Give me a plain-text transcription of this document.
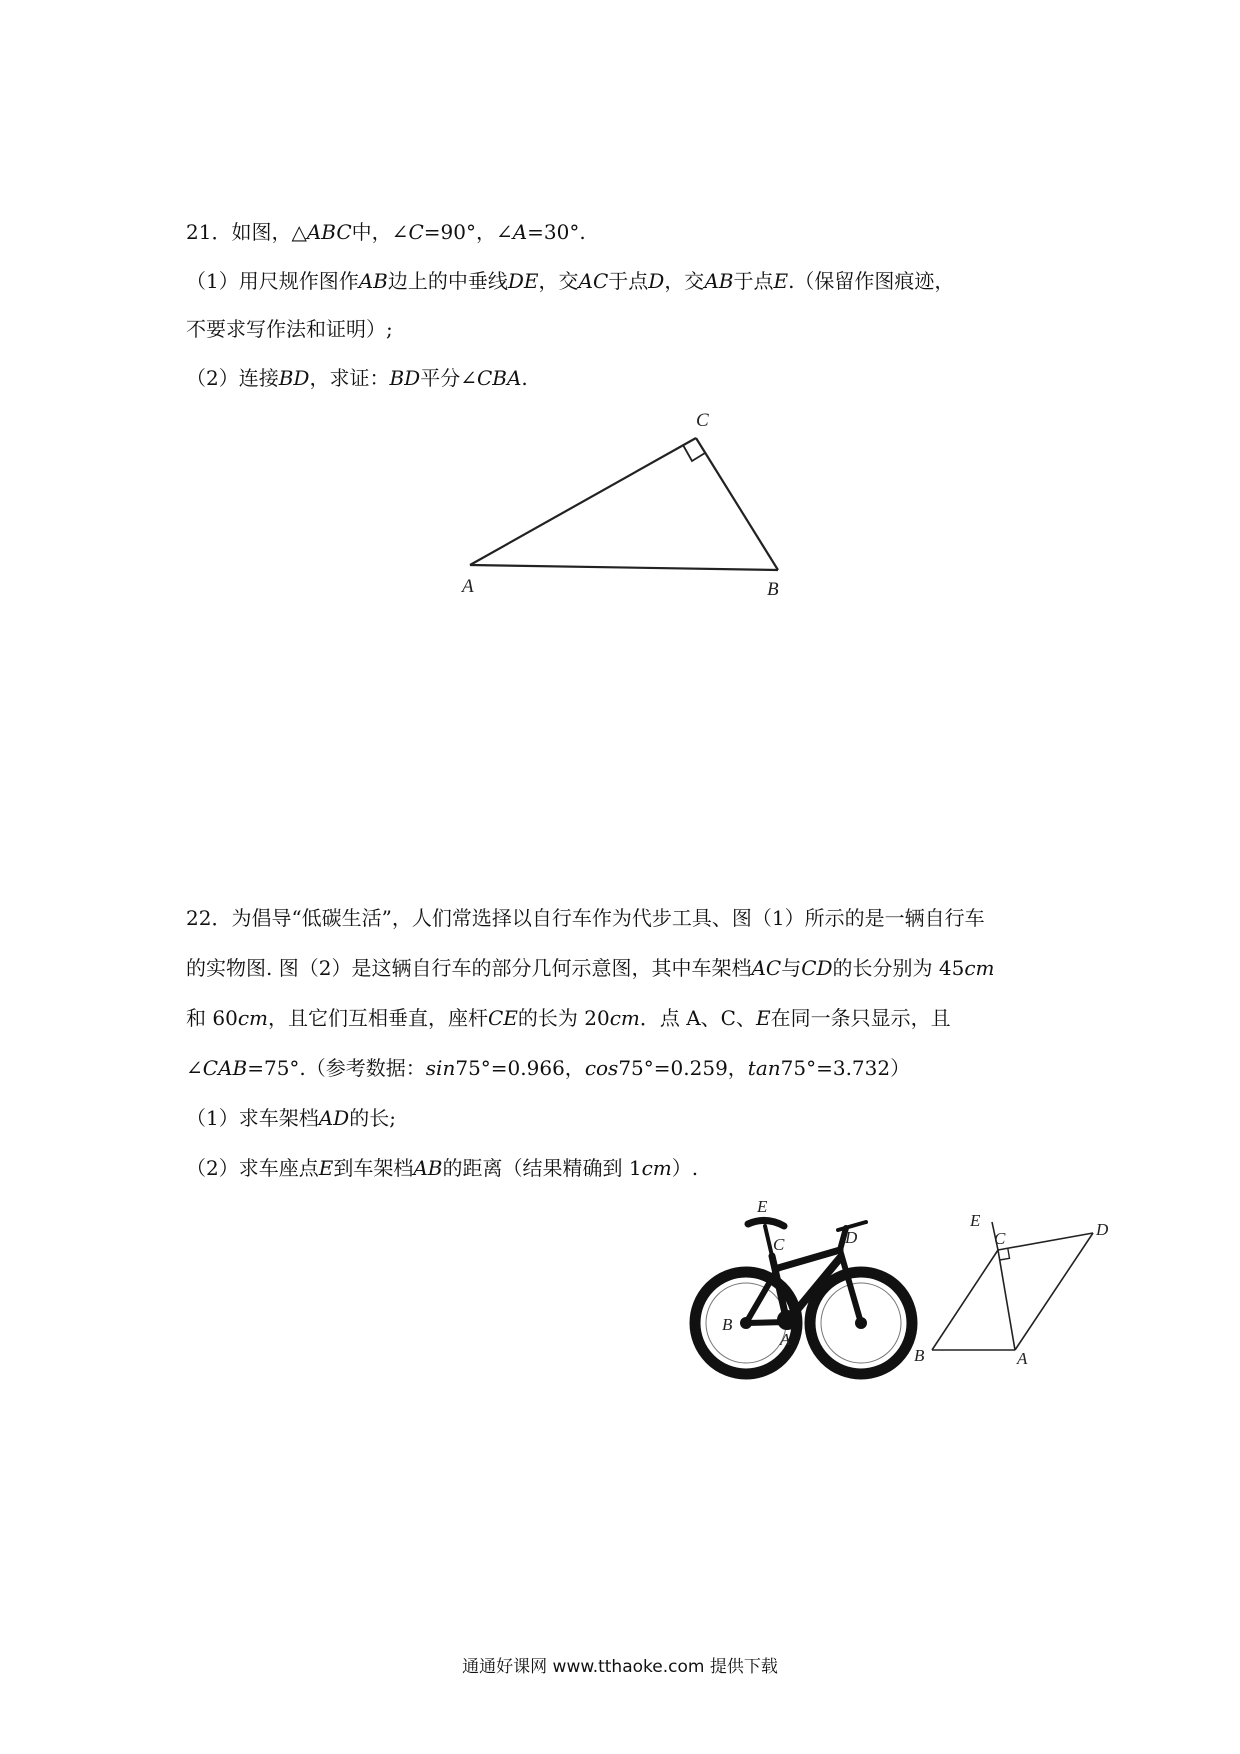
21．如图，△ABC中，∠C=90°，∠A=30°.
（1）用尺规作图作AB边上的中垂线DE，交AC于点D，交AB于点E.（保留作图痕迹，
不要求写作法和证明）;
（2）连接BD，求证：BD平分∠CBA.
A	B
C
22．为倡导“低碳生活”，人们常选择以自行车作为代步工具、图（1）所示的是一辆自行车
的实物图. 图（2）是这辆自行车的部分几何示意图，其中车架档AC与CD的长分别为 45cm
和 60cm，且它们互相垂直，座杆CE的长为 20cm．点 A、C、E在同一条只显示，且
∠CAB=75°.（参考数据：sin75°=0.966，cos75°=0.259，tan75°=3.732）
（1）求车架档AD的长;
（2）求车座点E到车架档AB的距离（结果精确到 1cm）.
E
C	D
B
A
E
C	D
B	A
通通好课网 www.tthaoke.com 提供下载
